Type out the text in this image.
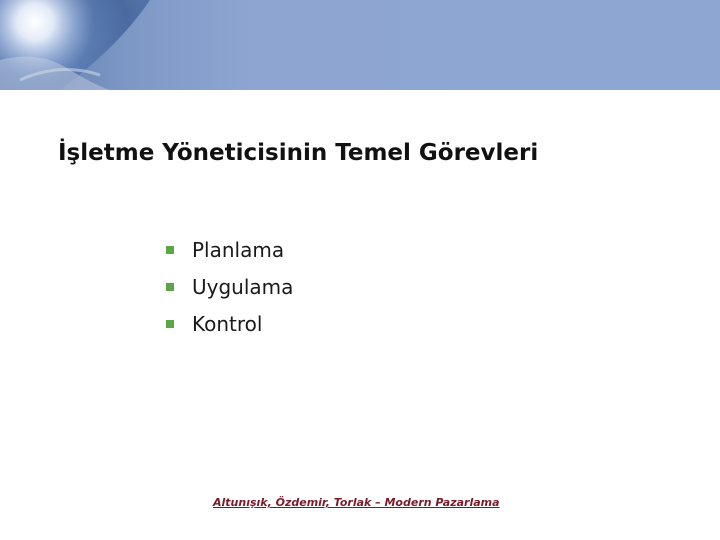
İşletme Yöneticisinin Temel Görevleri
Planlama
Uygulama
Kontrol
Altunışık, Özdemir, Torlak – Modern Pazarlama
